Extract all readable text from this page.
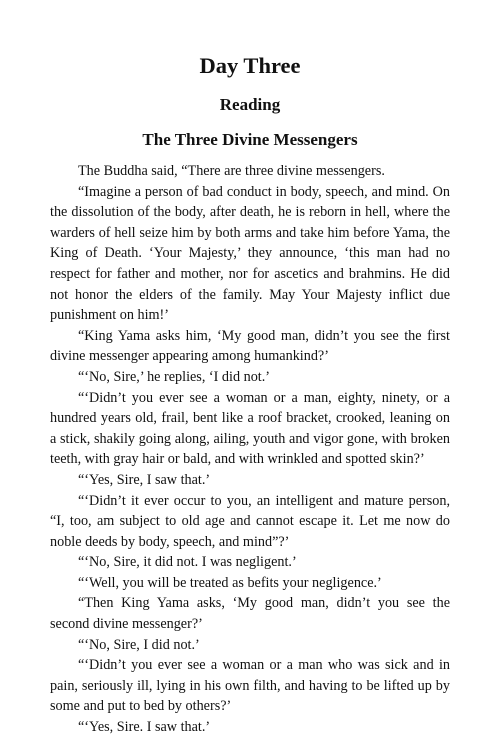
Day Three
Reading
The Three Divine Messengers

The Buddha said, “There are three divine messengers.

“Imagine a person of bad conduct in body, speech, and mind. On the dissolution of the body, after death, he is reborn in hell, where the warders of hell seize him by both arms and take him before Yama, the King of Death. ‘Your Majesty,’ they announce, ‘this man had no respect for father and mother, nor for ascetics and brahmins. He did not honor the elders of the family. May Your Majesty inflict due punishment on him!’

“King Yama asks him, ‘My good man, didn’t you see the first divine messenger appearing among humankind?’

“‘No, Sire,’ he replies, ‘I did not.’

“‘Didn’t you ever see a woman or a man, eighty, ninety, or a hundred years old, frail, bent like a roof bracket, crooked, leaning on a stick, shakily going along, ailing, youth and vigor gone, with broken teeth, with gray hair or bald, and with wrinkled and spotted skin?’

“‘Yes, Sire, I saw that.’

“‘Didn’t it ever occur to you, an intelligent and mature person, “I, too, am subject to old age and cannot escape it. Let me now do noble deeds by body, speech, and mind”?’

“‘No, Sire, it did not. I was negligent.’

“‘Well, you will be treated as befits your negligence.’

“Then King Yama asks, ‘My good man, didn’t you see the second divine messenger?’

“‘No, Sire, I did not.’

“‘Didn’t you ever see a woman or a man who was sick and in pain, seriously ill, lying in his own filth, and having to be lifted up by some and put to bed by others?’

“‘Yes, Sire. I saw that.’
